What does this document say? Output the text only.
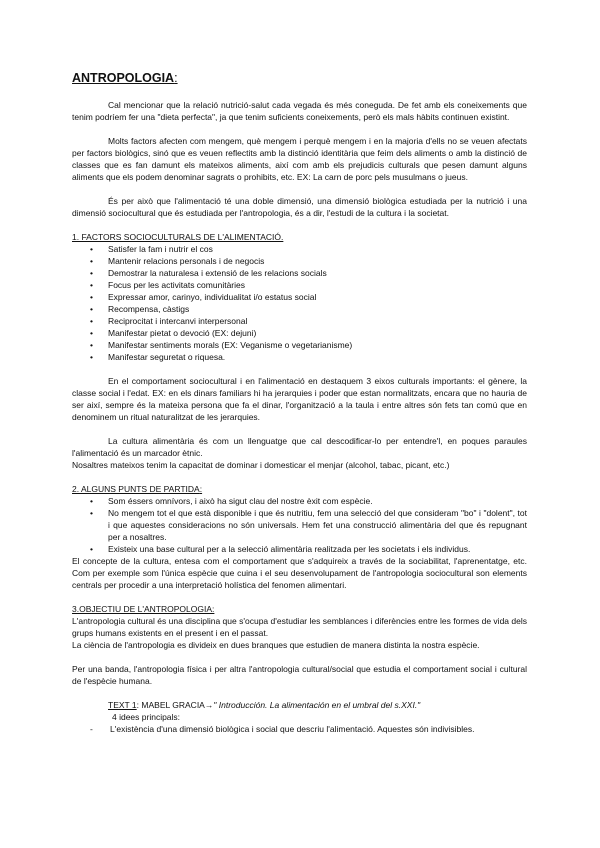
ANTROPOLOGIA:

Cal mencionar que la relació nutrició-salut cada vegada és més coneguda. De fet amb els coneixements que tenim podríem fer una "dieta perfecta", ja que tenim suficients coneixements, però els mals hàbits continuen existint.

Molts factors afecten com mengem, què mengem i perquè mengem i en la majoria d'ells no se veuen afectats per factors biològics, sinó que es veuen reflectits amb la distinció identitària que feim dels aliments o amb la distinció de classes que es fan damunt els mateixos aliments, així com amb els prejudicis culturals que pesen damunt alguns aliments que els podem denominar sagrats o prohibits, etc. EX: La carn de porc pels musulmans o jueus.

És per això que l'alimentació té una doble dimensió, una dimensió biològica estudiada per la nutrició i una dimensió sociocultural que és estudiada per l'antropologia, és a dir, l'estudi de la cultura i la societat.

1. FACTORS SOCIOCULTURALS DE L'ALIMENTACIÓ.

• Satisfer la fam i nutrir el cos
• Mantenir relacions personals i de negocis
• Demostrar la naturalesa i extensió de les relacions socials
• Focus per les activitats comunitàries
• Expressar amor, carinyo, individualitat i/o estatus social
• Recompensa, càstigs
• Reciprocitat i intercanvi interpersonal
• Manifestar pietat o devoció (EX: dejuni)
• Manifestar sentiments morals (EX: Veganisme o vegetarianisme)
• Manifestar seguretat o riquesa.

En el comportament sociocultural i en l'alimentació en destaquem 3 eixos culturals importants: el gènere, la classe social i l'edat. EX: en els dinars familiars hi ha jerarquies i poder que estan normalitzats, encara que no hauria de ser així, sempre és la mateixa persona que fa el dinar, l'organització a la taula i entre altres són fets tan comú que en denominem un ritual naturalitzat de les jerarquies.

La cultura alimentària és com un llenguatge que cal descodificar-lo per entendre'l, en poques paraules l'alimentació és un marcador ètnic.

Nosaltres mateixos tenim la capacitat de dominar i domesticar el menjar (alcohol, tabac, picant, etc.)

2. ALGUNS PUNTS DE PARTIDA:

• Som éssers omnívors, i això ha sigut clau del nostre èxit com espècie.
• No mengem tot el que està disponible i que és nutritiu, fem una selecció del que consideram "bo" i "dolent", tot i que aquestes consideracions no són universals. Hem fet una construcció alimentària del que és repugnant per a nosaltres.
• Existeix una base cultural per a la selecció alimentària realitzada per les societats i els individus.

El concepte de la cultura, entesa com el comportament que s'adquireix a través de la sociabilitat, l'aprenentatge, etc. Com per exemple som l'única espècie que cuina i el seu desenvolupament de l'antropologia sociocultural son elements centrals per procedir a una interpretació holística del fenomen alimentari.

3.OBJECTIU DE L'ANTROPOLOGIA:

L'antropologia cultural és una disciplina que s'ocupa d'estudiar les semblances i diferències entre les formes de vida dels grups humans existents en el present i en el passat.

La ciència de l'antropologia es divideix en dues branques que estudien de manera distinta la nostra espècie.

Per una banda, l'antropologia física i per altra l'antropologia cultural/social que estudia el comportament social i cultural de l'espècie humana.

TEXT 1: MABEL GRACIA→" Introducción. La alimentación en el umbral del s.XXI."

4 idees principals:

- L'existència d'una dimensió biològica i social que descriu l'alimentació. Aquestes són indivisibles.
